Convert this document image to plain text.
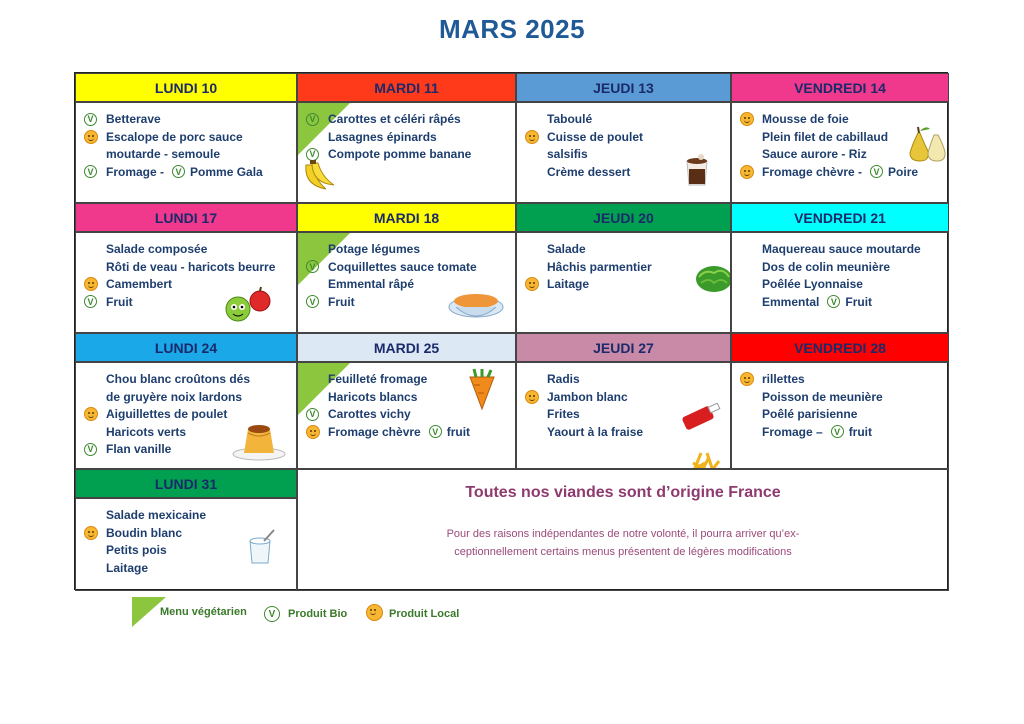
MARS 2025
LUNDI 10
V Betterave
Escalope de porc sauce
moutarde - semoule
V Fromage -	V Pomme Gala
MARDI 11
V Carottes et céléri râpés
Lasagnes épinards
V Compote pomme banane
JEUDI 13
Taboulé
Cuisse de poulet
salsifis
Crème dessert
VENDREDI 14
Mousse de foie
Plein filet de cabillaud
Sauce aurore - Riz
Fromage chèvre -	V Poire
LUNDI 17
Salade composée
Rôti de veau - haricots beurre
Camembert
V Fruit
MARDI 18
Potage légumes
V Coquillettes sauce tomate
Emmental râpé
V Fruit
JEUDI 20
Salade
Hâchis parmentier
Laitage
VENDREDI 21
Maquereau sauce moutarde
Dos de colin meunière
Poêlée Lyonnaise
Emmental	V Fruit
LUNDI 24
Chou blanc croûtons dés
de gruyère noix lardons
Aiguillettes de poulet
Haricots verts
V Flan vanille
MARDI 25
Feuilleté fromage
Haricots blancs
V Carottes vichy
Fromage chèvre	V fruit
JEUDI 27
Radis
Jambon blanc
Frites
Yaourt à la fraise
VENDREDI 28
rillettes
Poisson de meunière
Poêlé parisienne
Fromage –	V fruit
LUNDI 31
Salade mexicaine
Boudin blanc
Petits pois
Laitage
Toutes nos viandes sont d’origine France
Pour des raisons indépendantes de notre volonté, il pourra arriver qu’ex-
ceptionnellement certains menus présentent de légères modifications
Menu végétarien	V	Produit Bio	Produit Local
